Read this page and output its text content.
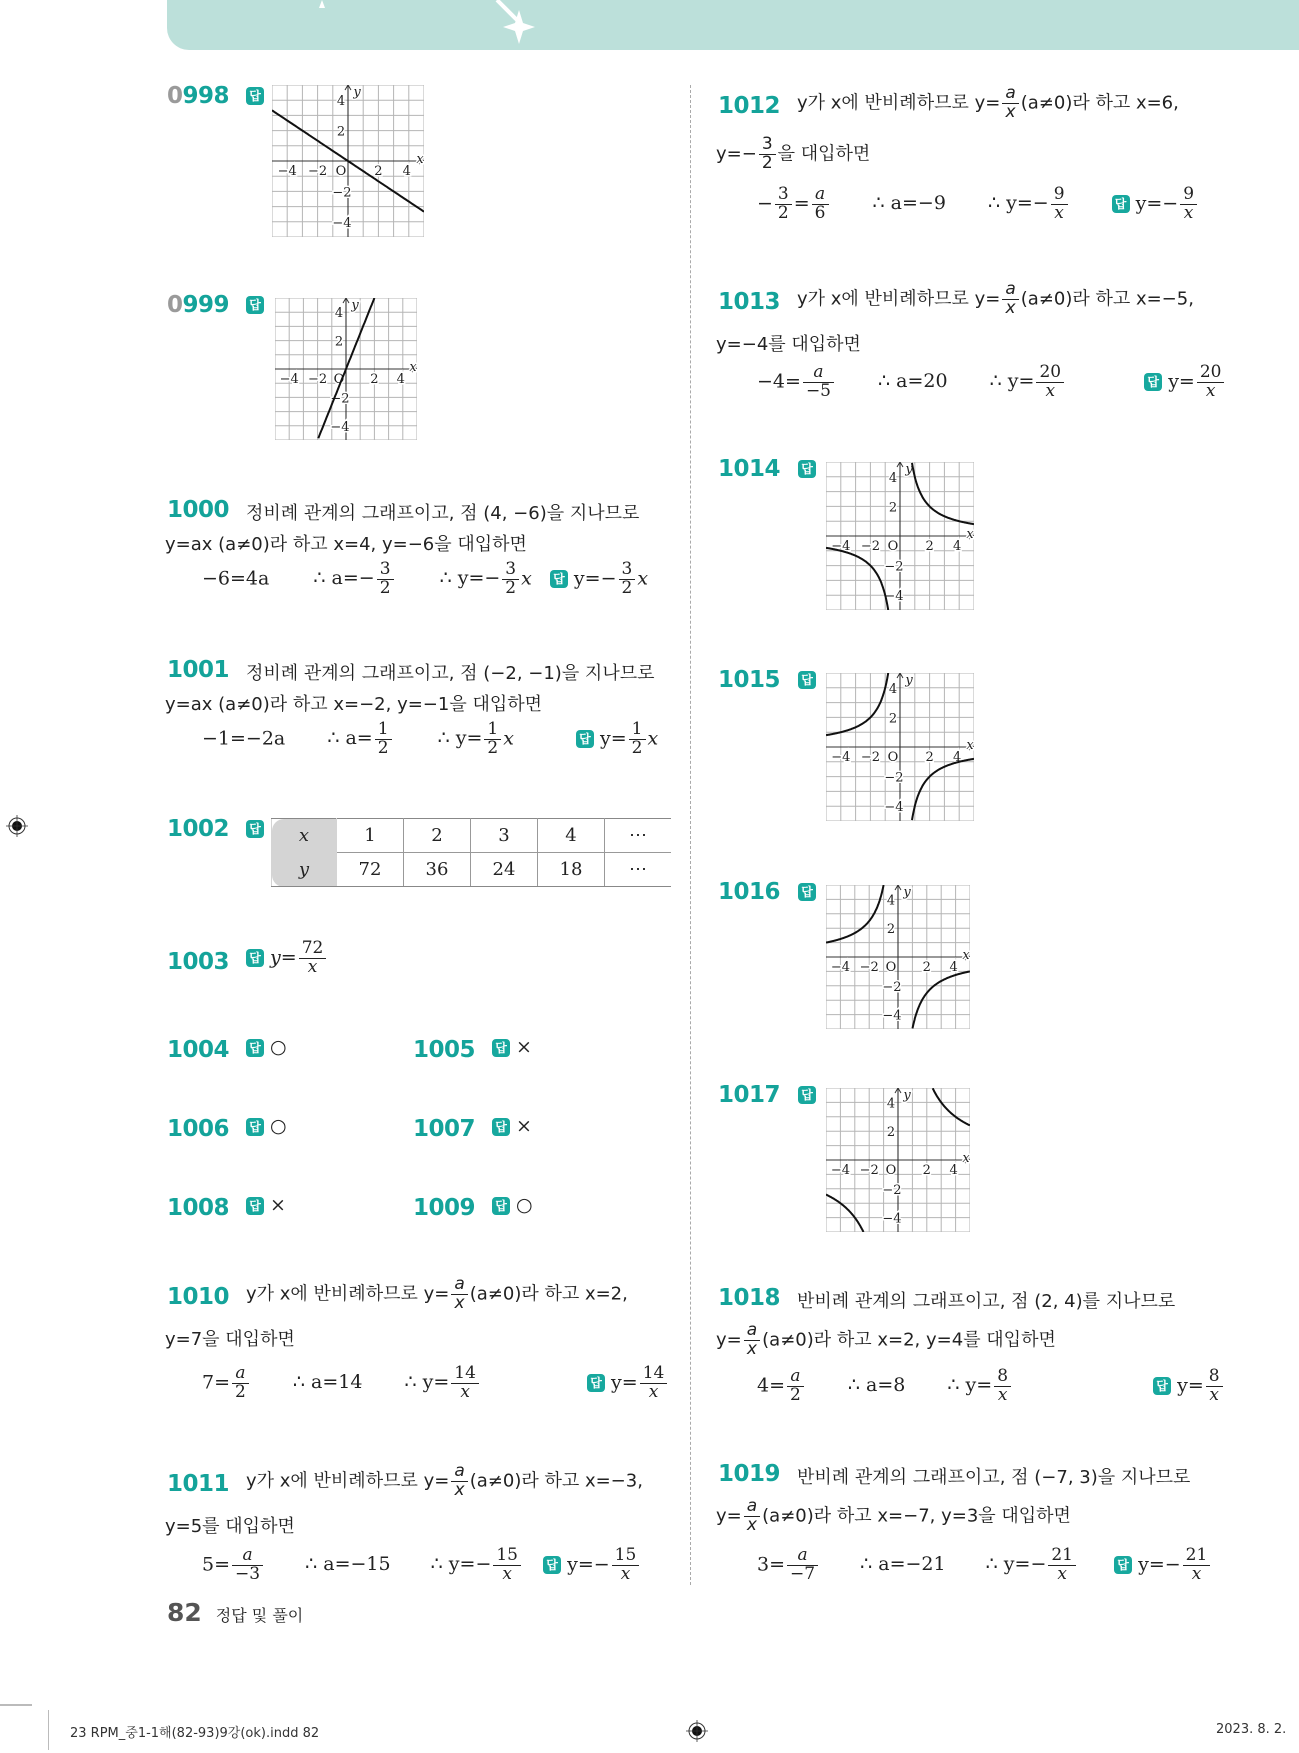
0998 답
−4 −2 O 2 4
x
4
2
−2
−4
y
0999 답
−4 −2 O 2 4
x
4
2
−2
−4
y
1000 정비례 관계의 그래프이고, 점 (4, −6)을 지나므로
y=ax (a≠0)라 하고 x=4, y=−6을 대입하면
−6=4a ∴ $a=- \frac{3}{2}$ ∴ $y=- \frac{3}{2}$ x 답 $y=- \frac{3}{2}$ x
1001 정비례 관계의 그래프이고, 점 (−2, −1)을 지나므로
y=ax (a≠0)라 하고 x=−2, y=−1을 대입하면
−1=−2a ∴ $a= \frac{1}{2}$ ∴ $y= \frac{1}{2}$ x	답 $y= \frac{1}{2}$ x
1002 답 x	1	2	3	4	⋯
y	72	36	24	18	⋯
1003 답 $y= \frac{72}{x}$
1004 답 ○	1005 답 ×
1006 답 ○	1007 답 ×
1008 답 ×	1009 답 ○
1010 y가 x에 반비례하므로 $y= \frac{a}{x} (a\ne 0)$라 하고 x=2,
y=7을 대입하면
$7= \frac{a}{2}$ ∴ a=14 ∴ $y= \frac{14}{x}$	답 $y= \frac{14}{x}$
1011 y가 x에 반비례하므로 $y= \frac{a}{x} (a\ne 0)$라 하고 x=−3,
y=5를 대입하면
$5= \frac{a}{-3}$ ∴ a=−15 ∴ $y=- \frac{15}{x}$ 답 $y=- \frac{15}{x}$
1012 y가 x에 반비례하므로 $y= \frac{a}{x} (a\ne 0)$라 하고 x=6,
$y=- \frac{3}{2}$ 을 대입하면
− $\frac{3}{2} = \frac{a}{6}$ ∴ a=−9 ∴ $y=- \frac{9}{x}$	답 $y=- \frac{9}{x}$
1013 y가 x에 반비례하므로 $y= \frac{a}{x} (a\ne 0)$라 하고 x=−5,
y=−4를 대입하면
$-4= \frac{a}{-5}$ ∴ a=20 ∴ $y= \frac{20}{x}$	답 $y= \frac{20}{x}$
1014 답
−4 −2 O 2 4
x
4
2
−2
−4
y
1015 답
−4 −2 O 2 4
x
4
2
−2
−4
y
1016 답
−4 −2 O 2 4
x
4
2
−2
−4
y
1017 답
−4 −2 O 2 4
x
4
2
−2
−4
y
1018 반비례 관계의 그래프이고, 점 (2, 4)를 지나므로
$y= \frac{a}{x} (a\ne 0)$라 하고 x=2, y=4를 대입하면
$4= \frac{a}{2}$ ∴ a=8 ∴ $y= \frac{8}{x}$	답 $y= \frac{8}{x}$
1019 반비례 관계의 그래프이고, 점 (−7, 3)을 지나므로
$y= \frac{a}{x} (a\ne 0)$라 하고 x=−7, y=3을 대입하면
$3= \frac{a}{-7}$ ∴ a=−21 ∴ $y=- \frac{21}{x}$	답 $y=- \frac{21}{x}$
82 정답 및 풀이
23 RPM_중1-1해(82-93)9강(ok).indd 82	2023. 8. 2.
